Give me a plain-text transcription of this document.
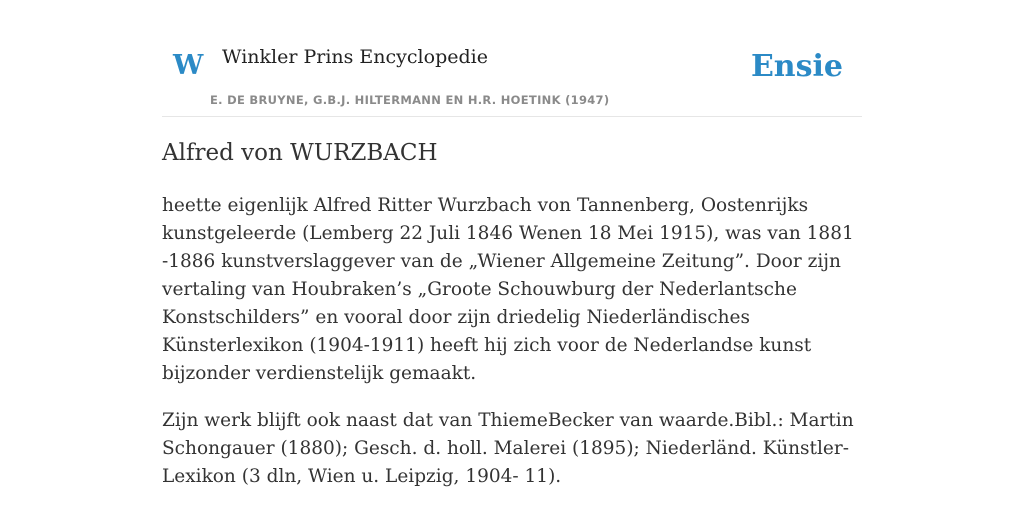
W Winkler Prins Encyclopedie
E. DE BRUYNE, G.B.J. HILTERMANN EN H.R. HOETINK (1947)
Ensie
Alfred von WURZBACH

heette eigenlijk Alfred Ritter Wurzbach von Tannenberg, Oostenrijks kunstgeleerde (Lemberg 22 Juli 1846 Wenen 18 Mei 1915), was van 1881 -1886 kunstverslaggever van de „Wiener Allgemeine Zeitung”. Door zijn vertaling van Houbraken’s „Groote Schouwburg der Nederlantsche Konstschilders” en vooral door zijn driedelig Niederländisches Künsterlexikon (1904-1911) heeft hij zich voor de Nederlandse kunst bijzonder verdienstelijk gemaakt.

Zijn werk blijft ook naast dat van ThiemeBecker van waarde.Bibl.: Martin Schongauer (1880); Gesch. d. holl. Malerei (1895); Niederländ. Künstler-Lexikon (3 dln, Wien u. Leipzig, 1904- 11).
